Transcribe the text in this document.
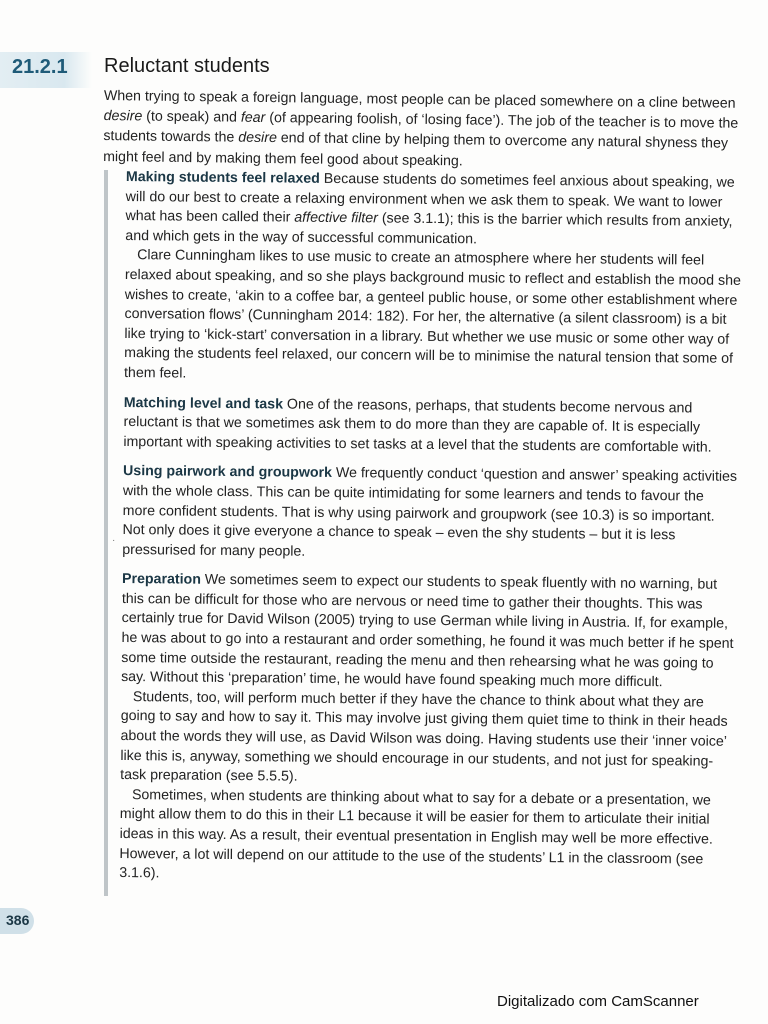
21.2.1 Reluctant students
When trying to speak a foreign language, most people can be placed somewhere on a cline between desire (to speak) and fear (of appearing foolish, of ‘losing face’). The job of the teacher is to move the students towards the desire end of that cline by helping them to overcome any natural shyness they might feel and by making them feel good about speaking.
·

Making students feel relaxed Because students do sometimes feel anxious about speaking, we will do our best to create a relaxing environment when we ask them to speak. We want to lower what has been called their affective filter (see 3.1.1); this is the barrier which results from anxiety, and which gets in the way of successful communication.

Clare Cunningham likes to use music to create an atmosphere where her students will feel relaxed about speaking, and so she plays background music to reflect and establish the mood she wishes to create, ‘akin to a coffee bar, a genteel public house, or some other establishment where conversation flows’ (Cunningham 2014: 182). For her, the alternative (a silent classroom) is a bit like trying to ‘kick-start’ conversation in a library. But whether we use music or some other way of making the students feel relaxed, our concern will be to minimise the natural tension that some of them feel.

Matching level and task One of the reasons, perhaps, that students become nervous and reluctant is that we sometimes ask them to do more than they are capable of. It is especially important with speaking activities to set tasks at a level that the students are comfortable with.

Using pairwork and groupwork We frequently conduct ‘question and answer’ speaking activities with the whole class. This can be quite intimidating for some learners and tends to favour the more confident students. That is why using pairwork and groupwork (see 10.3) is so important. Not only does it give everyone a chance to speak – even the shy students – but it is less pressurised for many people.

Preparation We sometimes seem to expect our students to speak fluently with no warning, but this can be difficult for those who are nervous or need time to gather their thoughts. This was certainly true for David Wilson (2005) trying to use German while living in Austria. If, for example, he was about to go into a restaurant and order something, he found it was much better if he spent some time outside the restaurant, reading the menu and then rehearsing what he was going to say. Without this ‘preparation’ time, he would have found speaking much more difficult.

Students, too, will perform much better if they have the chance to think about what they are going to say and how to say it. This may involve just giving them quiet time to think in their heads about the words they will use, as David Wilson was doing. Having students use their ‘inner voice’ like this is, anyway, something we should encourage in our students, and not just for speaking-task preparation (see 5.5.5).

Sometimes, when students are thinking about what to say for a debate or a presentation, we might allow them to do this in their L1 because it will be easier for them to articulate their initial ideas in this way. As a result, their eventual presentation in English may well be more effective. However, a lot will depend on our attitude to the use of the students’ L1 in the classroom (see 3.1.6).

386
Digitalizado com CamScanner
